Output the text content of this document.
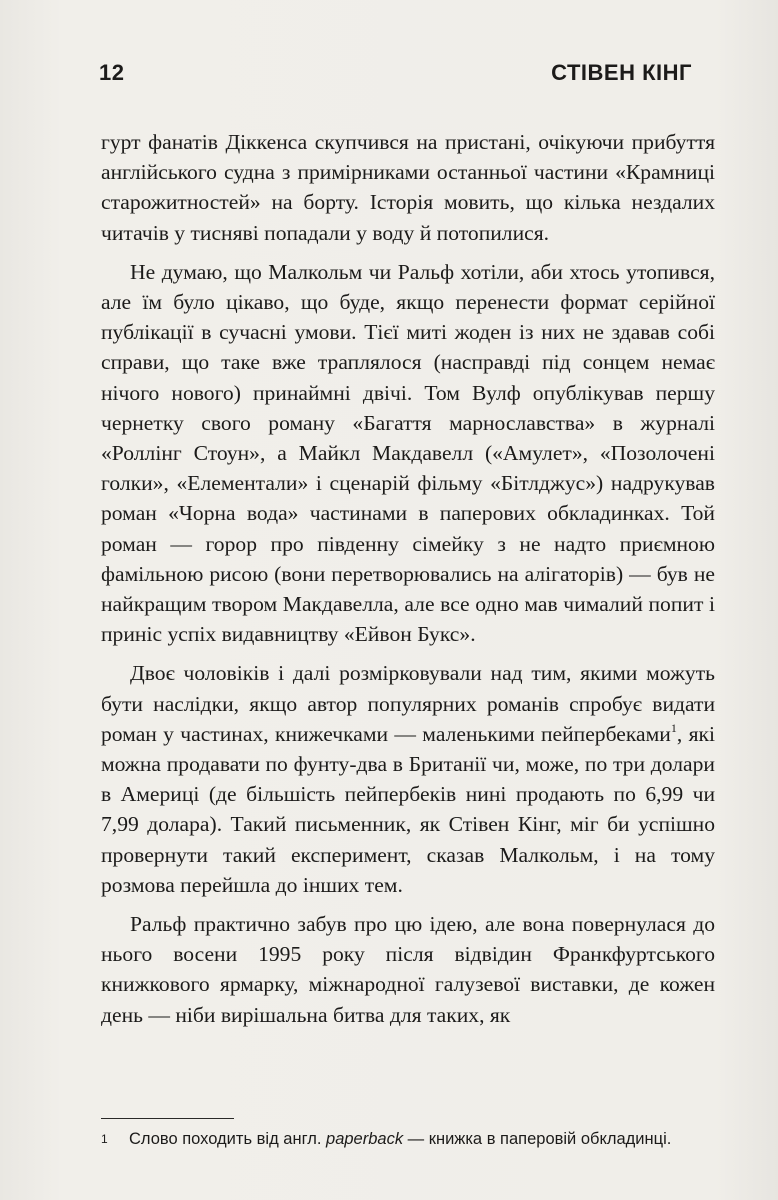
12	СТІВЕН КІНГ

гурт фанатів Діккенса скупчився на пристані, очікуючи прибуття англійського судна з примірниками останньої частини «Крамниці старожитностей» на борту. Історія мовить, що кілька нездалих читачів у тисняві попадали у воду й потопилися.

Не думаю, що Малкольм чи Ральф хотіли, аби хтось утопився, але їм було цікаво, що буде, якщо перенести формат серійної публікації в сучасні умови. Тієї миті жоден із них не здавав собі справи, що таке вже траплялося (насправді під сонцем немає нічого нового) принаймні двічі. Том Вулф опублікував першу чернетку свого роману «Багаття марнославства» в журналі «Роллінг Стоун», а Майкл Макдавелл («Амулет», «Позолочені голки», «Елементали» і сценарій фільму «Бітлджус») надрукував роман «Чорна вода» частинами в паперових обкладинках. Той роман — горор про південну сімейку з не надто приємною фамільною рисою (вони перетворювались на алігаторів) — був не найкращим твором Макдавелла, але все одно мав чималий попит і приніс успіх видавництву «Ейвон Букс».

Двоє чоловіків і далі розмірковували над тим, якими можуть бути наслідки, якщо автор популярних романів спробує видати роман у частинах, книжечками — маленькими пейпербеками$^1$, які можна продавати по фунту-два в Британії чи, може, по три долари в Америці (де більшість пейпербеків нині продають по 6,99 чи 7,99 долара). Такий письменник, як Стівен Кінг, міг би успішно провернути такий експеримент, сказав Малкольм, і на тому розмова перейшла до інших тем.

Ральф практично забув про цю ідею, але вона повернулася до нього восени 1995 року після відвідин Франкфуртського книжкового ярмарку, міжнародної галузевої виставки, де кожен день — ніби вирішальна битва для таких, як

1 Слово походить від англ. paperback — книжка в паперовій обкладинці.
